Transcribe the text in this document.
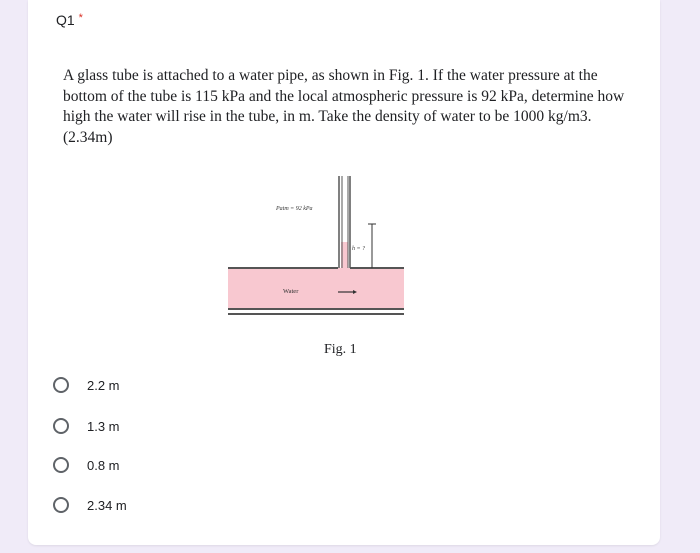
Q1 *
A glass tube is attached to a water pipe, as shown in Fig. 1. If the water pressure at the bottom of the tube is 115 kPa and the local atmospheric pressure is 92 kPa, determine how high the water will rise in the tube, in m. Take the density of water to be 1000 kg/m3. (2.34m)
h = ?
Patm = 92 kPa
Water
Fig. 1
2.2 m
1.3 m
0.8 m
2.34 m
